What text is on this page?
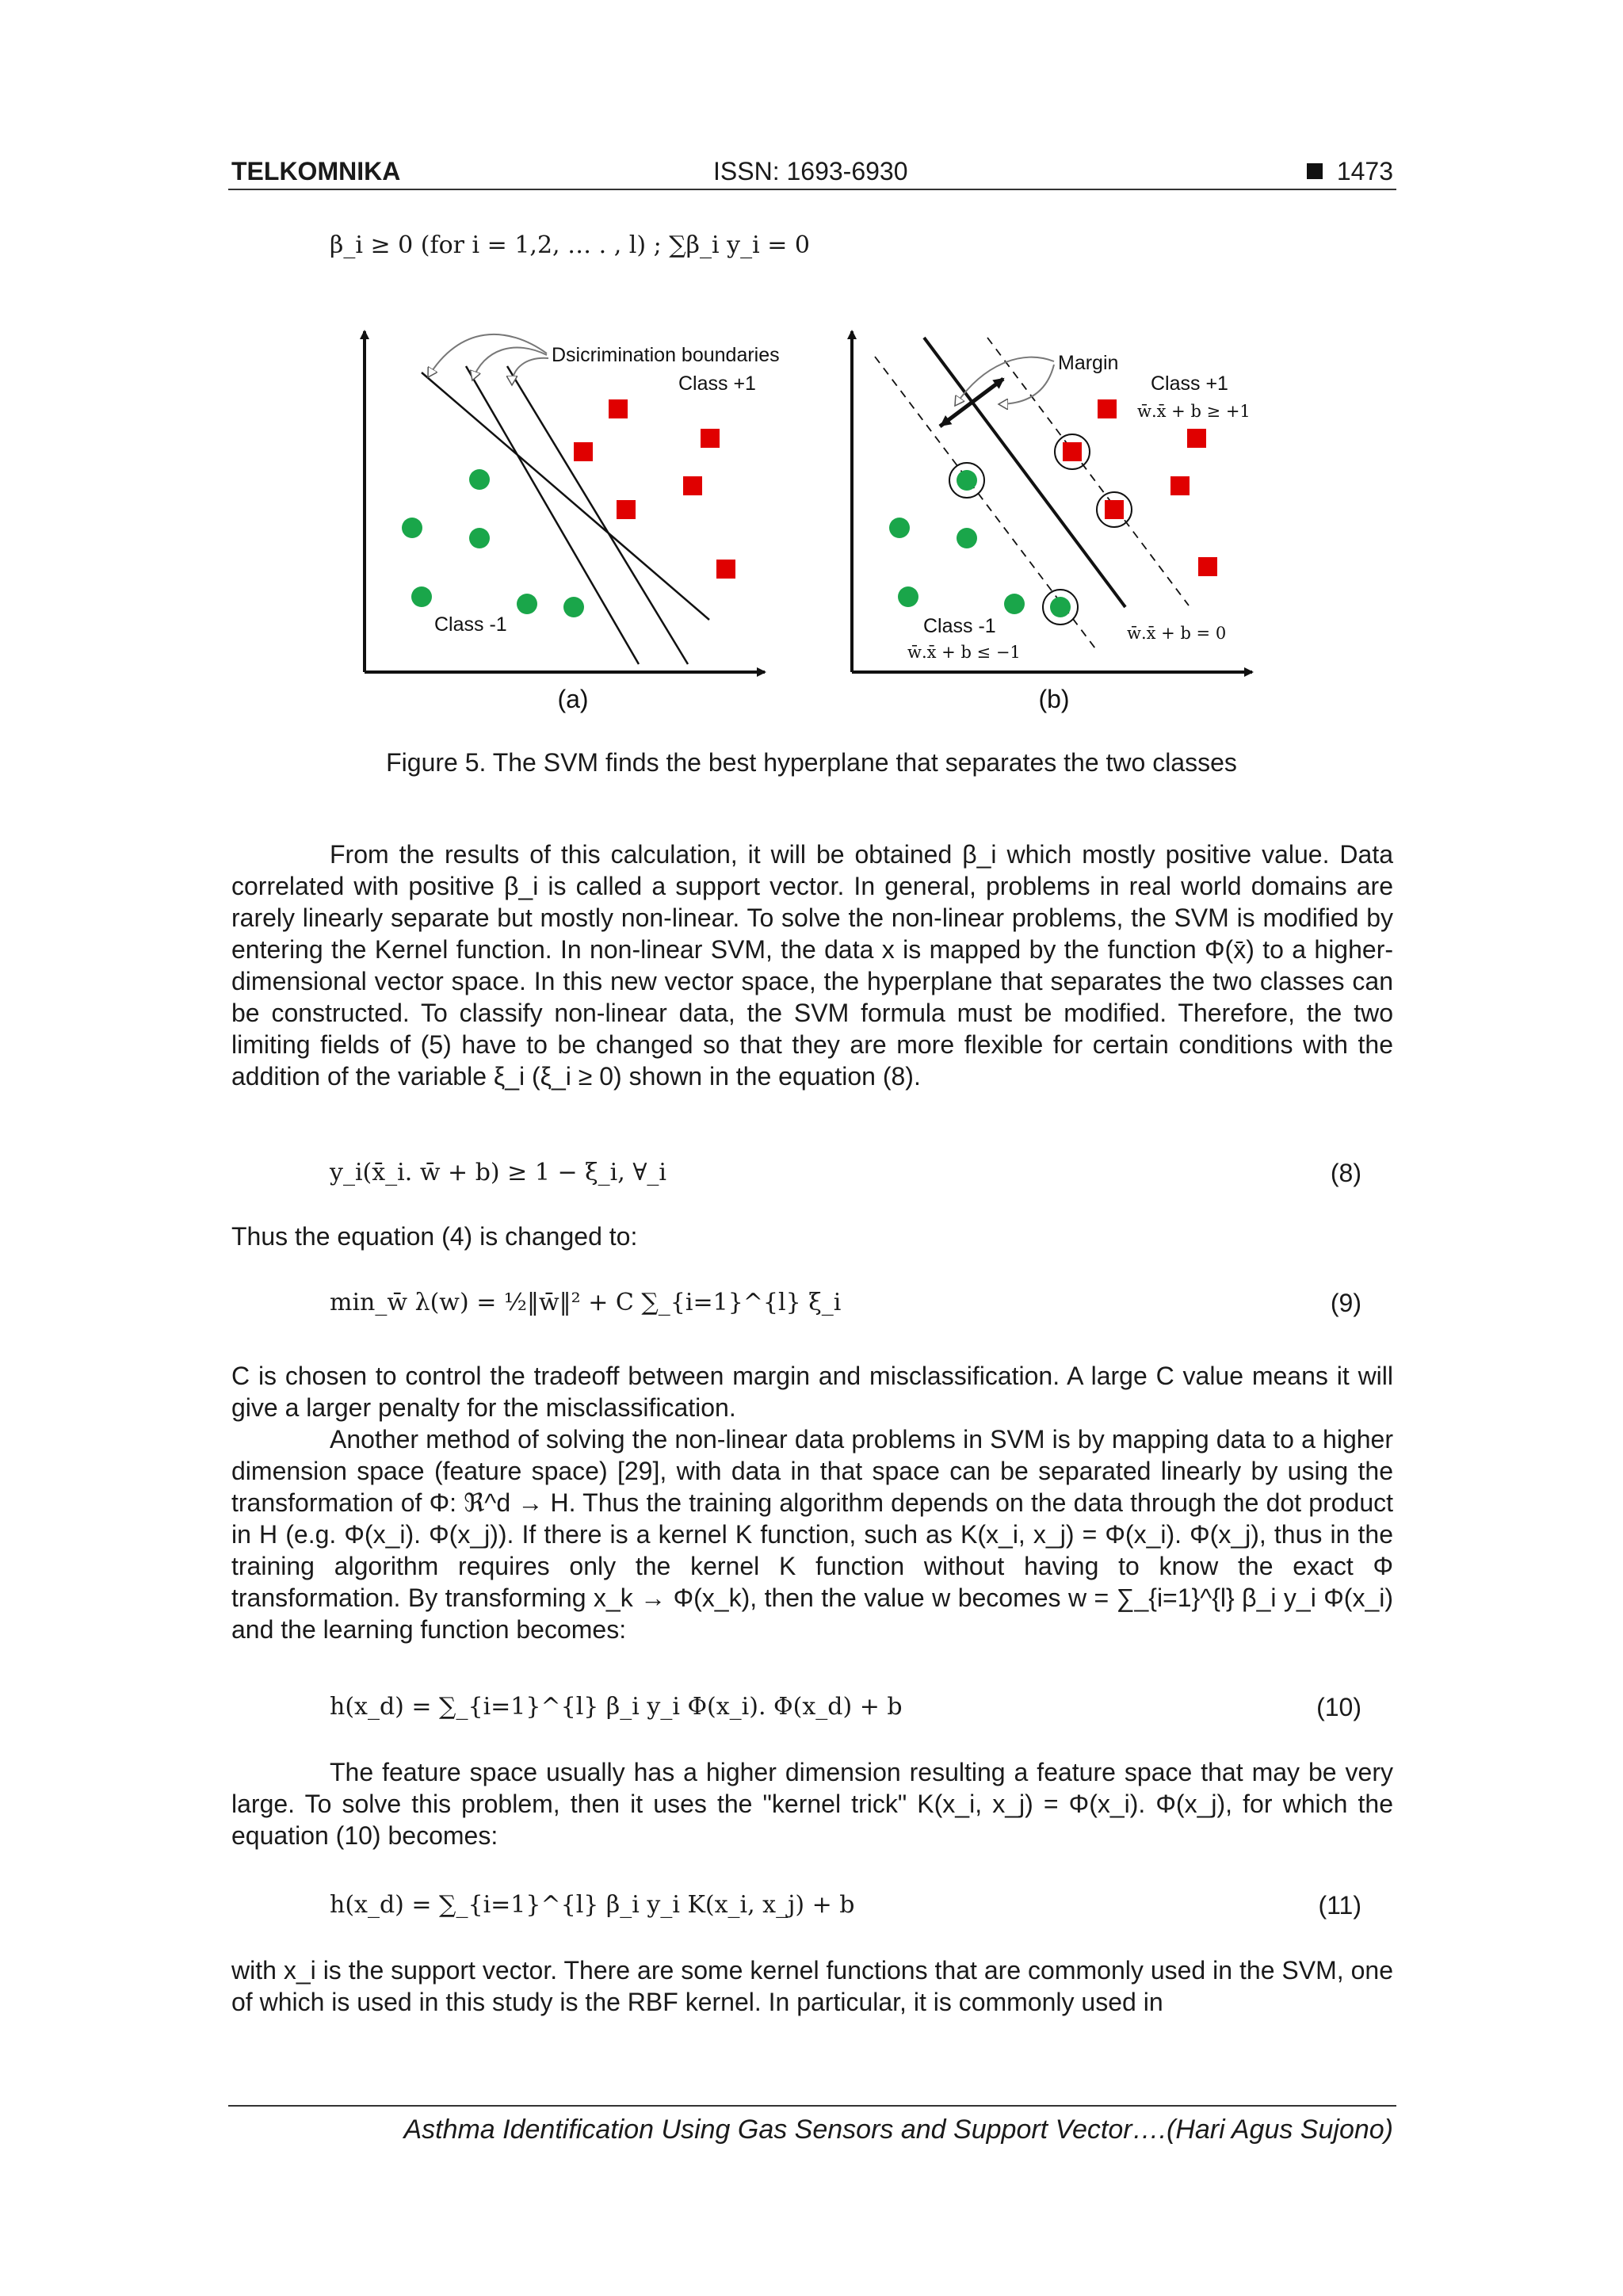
TELKOMNIKA	ISSN: 1693-6930	1473
β_i ≥ 0 (for i = 1,2, … . , l) ; ∑β_i y_i = 0
Dsicrimination boundaries
Class +1
Class -1
(a)
Margin
Class +1
w̄.x̄ + b ≥ +1
Class -1
w̄.x̄ + b ≤ −1
w̄.x̄ + b = 0
(b)
Figure 5. The SVM finds the best hyperplane that separates the two classes

From the results of this calculation, it will be obtained β_i which mostly positive value. Data correlated with positive β_i is called a support vector. In general, problems in real world domains are rarely linearly separate but mostly non-linear. To solve the non-linear problems, the SVM is modified by entering the Kernel function. In non-linear SVM, the data x is mapped by the function Φ(x̄) to a higher-dimensional vector space. In this new vector space, the hyperplane that separates the two classes can be constructed. To classify non-linear data, the SVM formula must be modified. Therefore, the two limiting fields of (5) have to be changed so that they are more flexible for certain conditions with the addition of the variable ξ_i (ξ_i ≥ 0) shown in the equation (8).

y_i(x̄_i. w̄ + b) ≥ 1 − ξ_i, ∀_i	(8)

Thus the equation (4) is changed to:

min_w̄ λ(w) = ½‖w̄‖² + C ∑_{i=1}^{l} ξ_i	(9)

C is chosen to control the tradeoff between margin and misclassification. A large C value means it will give a larger penalty for the misclassification.

Another method of solving the non-linear data problems in SVM is by mapping data to a higher dimension space (feature space) [29], with data in that space can be separated linearly by using the transformation of Φ: ℜ^d → H. Thus the training algorithm depends on the data through the dot product in H (e.g. Φ(x_i). Φ(x_j)). If there is a kernel K function, such as K(x_i, x_j) = Φ(x_i). Φ(x_j), thus in the training algorithm requires only the kernel K function without having to know the exact Φ transformation. By transforming x_k → Φ(x_k), then the value w becomes w = ∑_{i=1}^{l} β_i y_i Φ(x_i) and the learning function becomes:

h(x_d) = ∑_{i=1}^{l} β_i y_i Φ(x_i). Φ(x_d) + b	(10)

The feature space usually has a higher dimension resulting a feature space that may be very large. To solve this problem, then it uses the "kernel trick" K(x_i, x_j) = Φ(x_i). Φ(x_j), for which the equation (10) becomes:

h(x_d) = ∑_{i=1}^{l} β_i y_i K(x_i, x_j) + b	(11)

with x_i is the support vector. There are some kernel functions that are commonly used in the SVM, one of which is used in this study is the RBF kernel. In particular, it is commonly used in

Asthma Identification Using Gas Sensors and Support Vector….(Hari Agus Sujono)
